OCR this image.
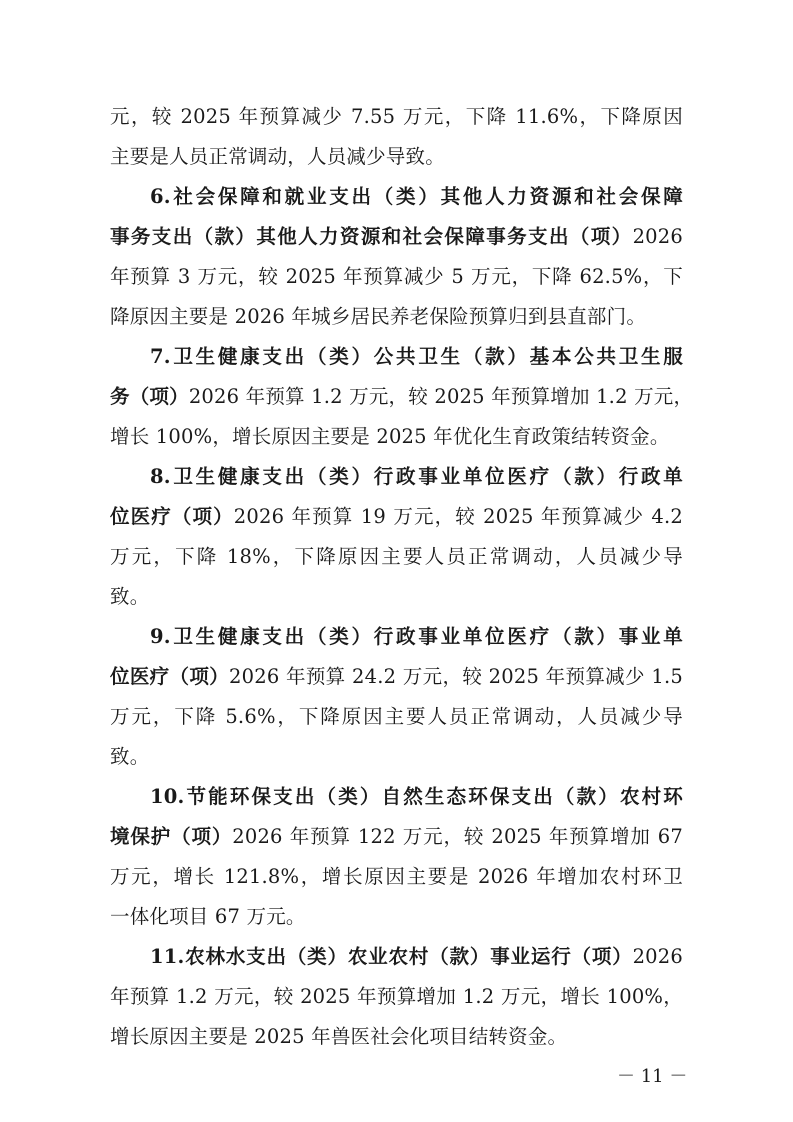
元，较 2025 年预算减少 7.55 万元，下降 11.6%，下降原因
主要是人员正常调动，人员减少导致。
6.社会保障和就业支出（类）其他人力资源和社会保障
事务支出（款）其他人力资源和社会保障事务支出（项）2026
年预算 3 万元，较 2025 年预算减少 5 万元，下降 62.5%，下
降原因主要是 2026 年城乡居民养老保险预算归到县直部门。
7.卫生健康支出（类）公共卫生（款）基本公共卫生服
务（项）2026 年预算 1.2 万元，较 2025 年预算增加 1.2 万元，
增长 100%，增长原因主要是 2025 年优化生育政策结转资金。
8.卫生健康支出（类）行政事业单位医疗（款）行政单
位医疗（项）2026 年预算 19 万元，较 2025 年预算减少 4.2
万元，下降 18%，下降原因主要人员正常调动，人员减少导
致。
9.卫生健康支出（类）行政事业单位医疗（款）事业单
位医疗（项）2026 年预算 24.2 万元，较 2025 年预算减少 1.5
万元，下降 5.6%，下降原因主要人员正常调动，人员减少导
致。
10.节能环保支出（类）自然生态环保支出（款）农村环
境保护（项）2026 年预算 122 万元，较 2025 年预算增加 67
万元，增长 121.8%，增长原因主要是 2026 年增加农村环卫
一体化项目 67 万元。
11.农林水支出（类）农业农村（款）事业运行（项）2026
年预算 1.2 万元，较 2025 年预算增加 1.2 万元，增长 100%，
增长原因主要是 2025 年兽医社会化项目结转资金。
－ 11 －
